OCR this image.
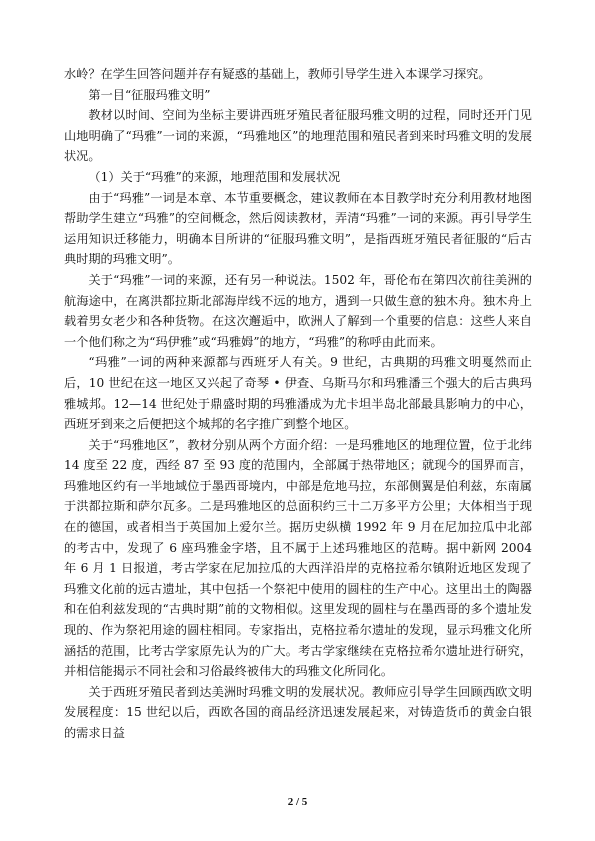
水岭？在学生回答问题并存有疑惑的基础上，教师引导学生进入本课学习探究。

第一目“征服玛雅文明”

教材以时间、空间为坐标主要讲西班牙殖民者征服玛雅文明的过程，同时还开门见山地明确了“玛雅”一词的来源，“玛雅地区”的地理范围和殖民者到来时玛雅文明的发展状况。

（1）关于“玛雅”的来源，地理范围和发展状况

由于“玛雅”一词是本章、本节重要概念，建议教师在本目教学时充分利用教材地图帮助学生建立“玛雅”的空间概念，然后阅读教材，弄清“玛雅”一词的来源。再引导学生运用知识迁移能力，明确本目所讲的“征服玛雅文明”，是指西班牙殖民者征服的“后古典时期的玛雅文明”。

关于“玛雅”一词的来源，还有另一种说法。1502 年，哥伦布在第四次前往美洲的航海途中，在离洪都拉斯北部海岸线不远的地方，遇到一只做生意的独木舟。独木舟上载着男女老少和各种货物。在这次邂逅中，欧洲人了解到一个重要的信息：这些人来自一个他们称之为“玛伊雅”或“玛雅姆”的地方，“玛雅”的称呼由此而来。

“玛雅”一词的两种来源都与西班牙人有关。9 世纪，古典期的玛雅文明戛然而止后，10 世纪在这一地区又兴起了奇琴 • 伊查、乌斯马尔和玛雅潘三个强大的后古典玛雅城邦。12—14 世纪处于鼎盛时期的玛雅潘成为尤卡坦半岛北部最具影响力的中心，西班牙到来之后便把这个城邦的名字推广到整个地区。

关于“玛雅地区”，教材分别从两个方面介绍：一是玛雅地区的地理位置，位于北纬 14 度至 22 度，西经 87 至 93 度的范围内，全部属于热带地区；就现今的国界而言，玛雅地区约有一半地域位于墨西哥境内，中部是危地马拉，东部侧翼是伯利兹，东南属于洪都拉斯和萨尔瓦多。二是玛雅地区的总面积约三十二万多平方公里；大体相当于现在的德国，或者相当于英国加上爱尔兰。据历史纵横 1992 年 9 月在尼加拉瓜中北部的考古中，发现了 6 座玛雅金字塔，且不属于上述玛雅地区的范畴。据中新网 2004 年 6 月 1 日报道，考古学家在尼加拉瓜的大西洋沿岸的克格拉希尔镇附近地区发现了玛雅文化前的远古遗址，其中包括一个祭祀中使用的圆柱的生产中心。这里出土的陶器和在伯利兹发现的“古典时期”前的文物相似。这里发现的圆柱与在墨西哥的多个遗址发现的、作为祭祀用途的圆柱相同。专家指出，克格拉希尔遗址的发现，显示玛雅文化所涵括的范围，比考古学家原先认为的广大。考古学家继续在克格拉希尔遗址进行研究，并相信能揭示不同社会和习俗最终被伟大的玛雅文化所同化。

关于西班牙殖民者到达美洲时玛雅文明的发展状况。教师应引导学生回顾西欧文明发展程度：15 世纪以后，西欧各国的商品经济迅速发展起来，对铸造货币的黄金白银的需求日益

2 / 5
